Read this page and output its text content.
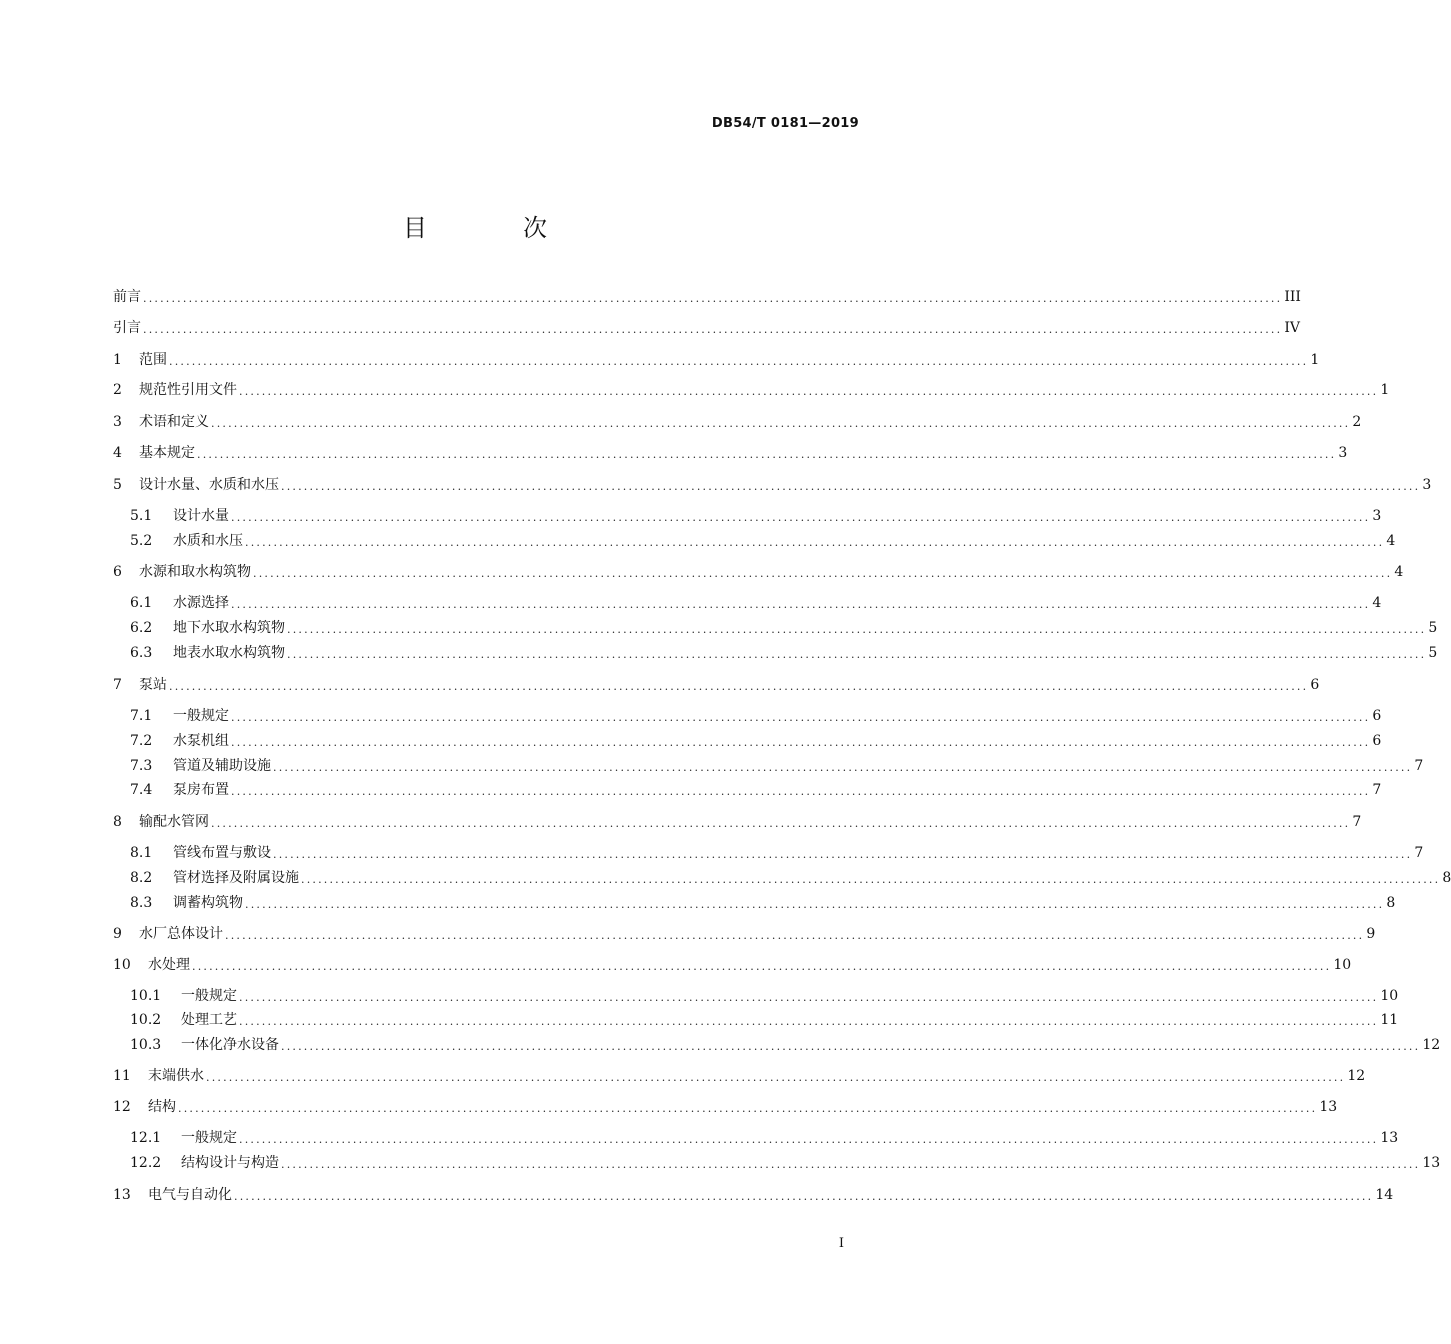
DB54/T 0181—2019
目　次
前言 ........................................................................................................................................................................................................ III
引言 ........................................................................................................................................................................................................ IV
1	范围 ........................................................................................................................................................................................................ 1
2	规范性引用文件 ........................................................................................................................................................................................................ 1
3	术语和定义 ........................................................................................................................................................................................................ 2
4	基本规定 ........................................................................................................................................................................................................ 3
5	设计水量、水质和水压 ........................................................................................................................................................................................................ 3
5.1	设计水量 ........................................................................................................................................................................................................ 3
5.2	水质和水压 ........................................................................................................................................................................................................ 4
6	水源和取水构筑物 ........................................................................................................................................................................................................ 4
6.1	水源选择 ........................................................................................................................................................................................................ 4
6.2	地下水取水构筑物 ........................................................................................................................................................................................................ 5
6.3	地表水取水构筑物 ........................................................................................................................................................................................................ 5
7	泵站 ........................................................................................................................................................................................................ 6
7.1	一般规定 ........................................................................................................................................................................................................ 6
7.2	水泵机组 ........................................................................................................................................................................................................ 6
7.3	管道及辅助设施 ........................................................................................................................................................................................................ 7
7.4	泵房布置 ........................................................................................................................................................................................................ 7
8	输配水管网 ........................................................................................................................................................................................................ 7
8.1	管线布置与敷设 ........................................................................................................................................................................................................ 7
8.2	管材选择及附属设施 ........................................................................................................................................................................................................ 8
8.3	调蓄构筑物 ........................................................................................................................................................................................................ 8
9	水厂总体设计 ........................................................................................................................................................................................................ 9
10	水处理 ........................................................................................................................................................................................................ 10
10.1	一般规定 ........................................................................................................................................................................................................ 10
10.2	处理工艺 ........................................................................................................................................................................................................ 11
10.3	一体化净水设备 ........................................................................................................................................................................................................ 12
11	末端供水 ........................................................................................................................................................................................................ 12
12	结构 ........................................................................................................................................................................................................ 13
12.1	一般规定 ........................................................................................................................................................................................................ 13
12.2	结构设计与构造 ........................................................................................................................................................................................................ 13
13	电气与自动化 ........................................................................................................................................................................................................ 14
I
